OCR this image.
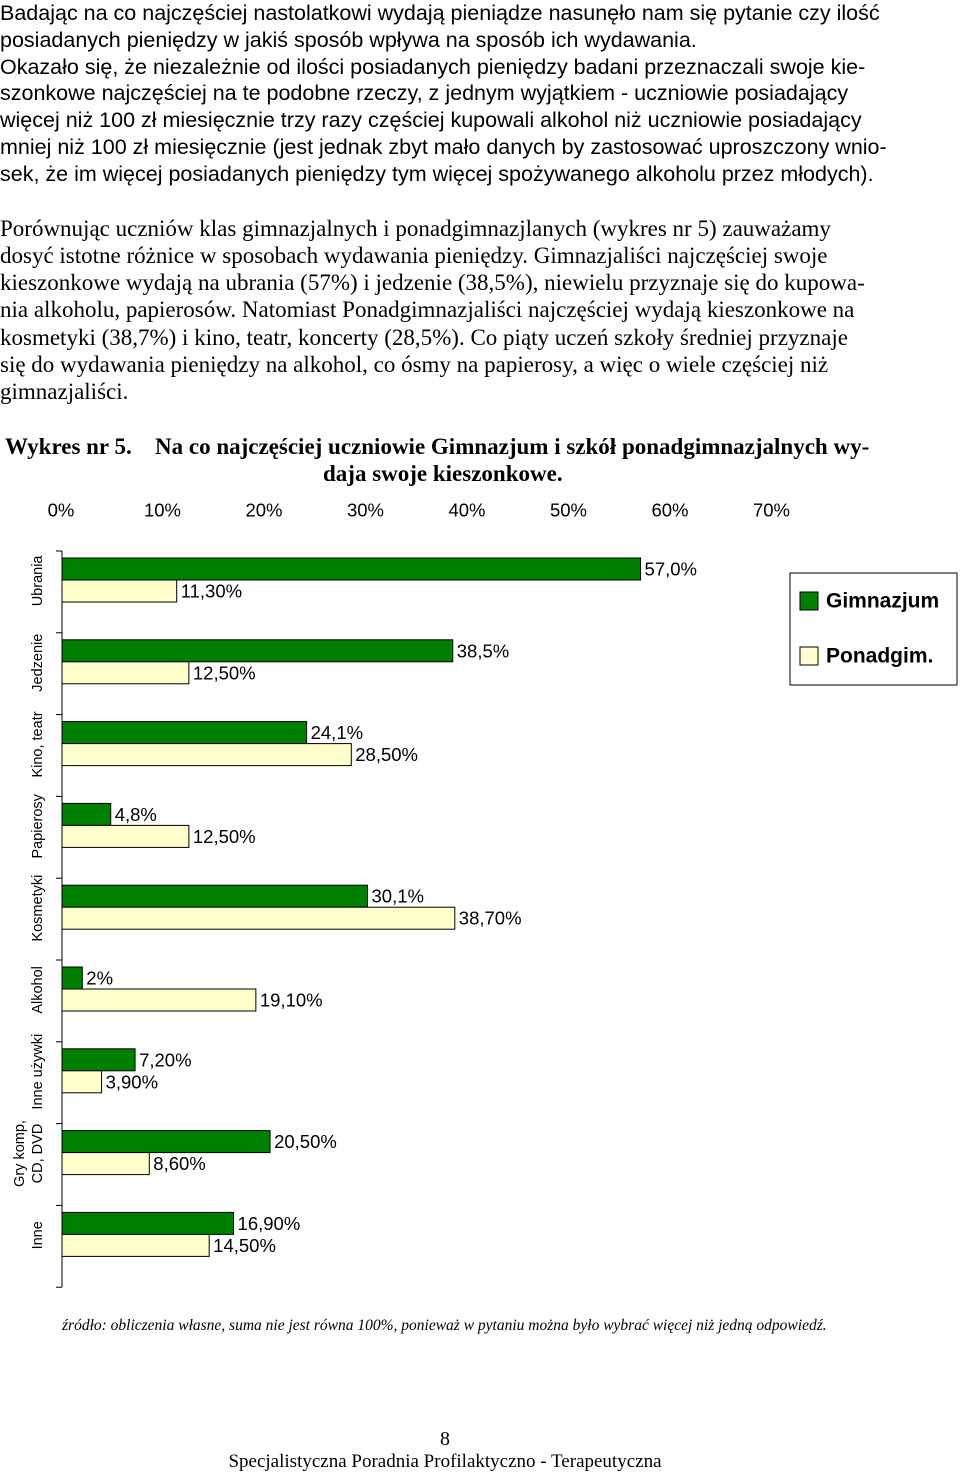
Badając na co najczęściej nastolatkowi wydają pieniądze nasunęło nam się pytanie czy ilość
posiadanych pieniędzy w jakiś sposób wpływa na sposób ich wydawania.
Okazało się, że niezależnie od ilości posiadanych pieniędzy badani przeznaczali swoje kie-
szonkowe najczęściej na te podobne rzeczy, z jednym wyjątkiem - uczniowie posiadający
więcej niż 100 zł miesięcznie trzy razy częściej kupowali alkohol niż uczniowie posiadający
mniej niż 100 zł miesięcznie (jest jednak zbyt mało danych by zastosować uproszczony wnio-
sek, że im więcej posiadanych pieniędzy tym więcej spożywanego alkoholu przez młodych).
Porównując uczniów klas gimnazjalnych i ponadgimnazjlanych (wykres nr 5) zauważamy
dosyć istotne różnice w sposobach wydawania pieniędzy. Gimnazjaliści najczęściej swoje
kieszonkowe wydają na ubrania (57%) i jedzenie (38,5%), niewielu przyznaje się do kupowa-
nia alkoholu, papierosów. Natomiast Ponadgimnazjaliści najczęściej wydają kieszonkowe na
kosmetyki (38,7%) i kino, teatr, koncerty (28,5%). Co piąty uczeń szkoły średniej przyznaje
się do wydawania pieniędzy na alkohol, co ósmy na papierosy, a więc o wiele częściej niż
gimnazjaliści.
Wykres nr 5. Na co najczęściej uczniowie Gimnazjum i szkół ponadgimnazjalnych wy-
daja swoje kieszonkowe.
0%	10%	20%	30%	40%	50%	60%	70%
Ubrania
Jedzenie
Kino, teatr
Papierosy
Kosmetyki
Alkohol
Inne używki
Gry komp, CD, DVD
Inne
57,0%
38,5%
24,1%
4,8%
30,1%
2%
7,20%
20,50%
16,90%
11,30%
12,50%
28,50%
12,50%
38,70%
19,10%
3,90%
8,60%
14,50%
Gimnazjum
Ponadgim.
źródło: obliczenia własne, suma nie jest równa 100%, ponieważ w pytaniu można było wybrać więcej niż jedną odpowiedź.
8
Specjalistyczna Poradnia Profilaktyczno - Terapeutyczna
